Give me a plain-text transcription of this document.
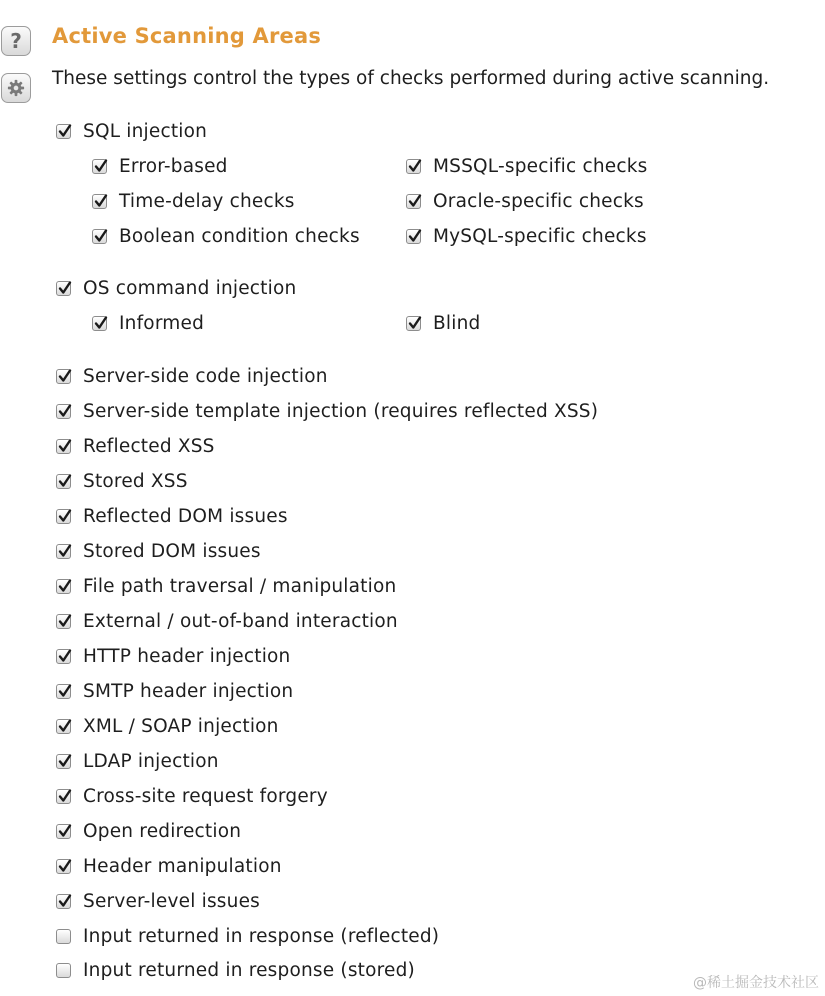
? Active Scanning Areas
These settings control the types of checks performed during active scanning.
SQL injection
Error-based
Time-delay checks
Boolean condition checks
MSSQL-specific checks
Oracle-specific checks
MySQL-specific checks
OS command injection
Informed	Blind
Server-side code injection
Server-side template injection (requires reflected XSS)
Reflected XSS
Stored XSS
Reflected DOM issues
Stored DOM issues
File path traversal / manipulation
External / out-of-band interaction
HTTP header injection
SMTP header injection
XML / SOAP injection
LDAP injection
Cross-site request forgery
Open redirection
Header manipulation
Server-level issues
Input returned in response (reflected)
Input returned in response (stored)
@稀土掘金技术社区
